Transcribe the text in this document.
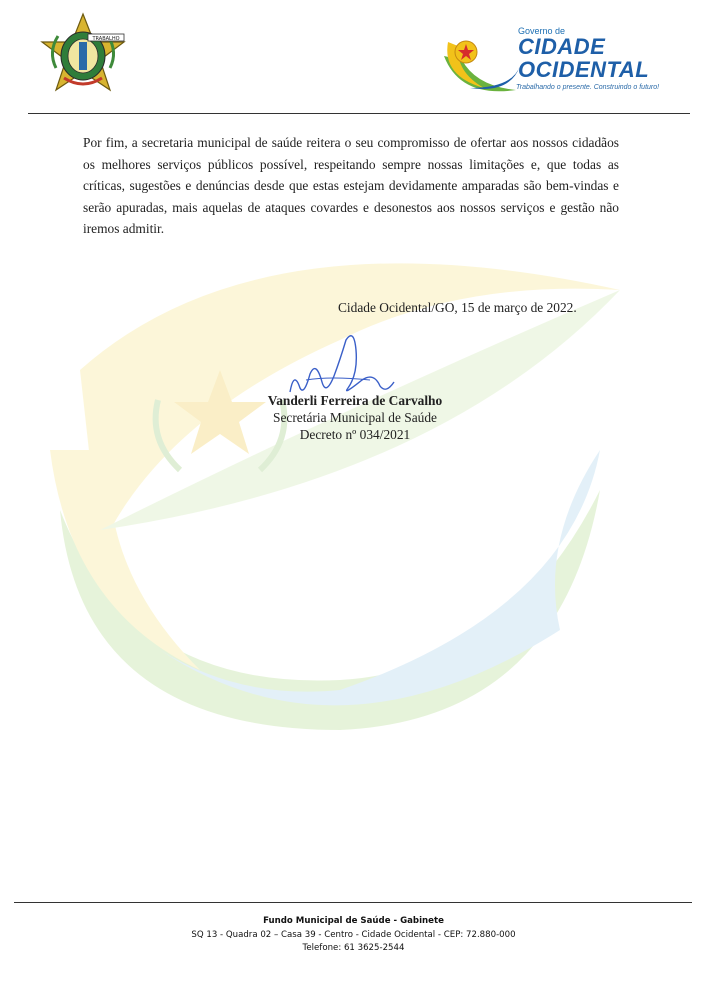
TRABALHO
Governo de
CIDADE
OCIDENTAL
Trabalhando o presente. Construindo o futuro!

Por fim, a secretaria municipal de saúde reitera o seu compromisso de ofertar aos nossos cidadãos os melhores serviços públicos possível, respeitando sempre nossas limitações e, que todas as críticas, sugestões e denúncias desde que estas estejam devidamente amparadas são bem-vindas e serão apuradas, mais aquelas de ataques covardes e desonestos aos nossos serviços e gestão não iremos admitir.

Cidade Ocidental/GO, 15 de março de 2022.
Vanderli Ferreira de Carvalho
Secretária Municipal de Saúde
Decreto nº 034/2021
Fundo Municipal de Saúde - Gabinete
SQ 13 - Quadra 02 – Casa 39 - Centro - Cidade Ocidental - CEP: 72.880-000
Telefone: 61 3625-2544
